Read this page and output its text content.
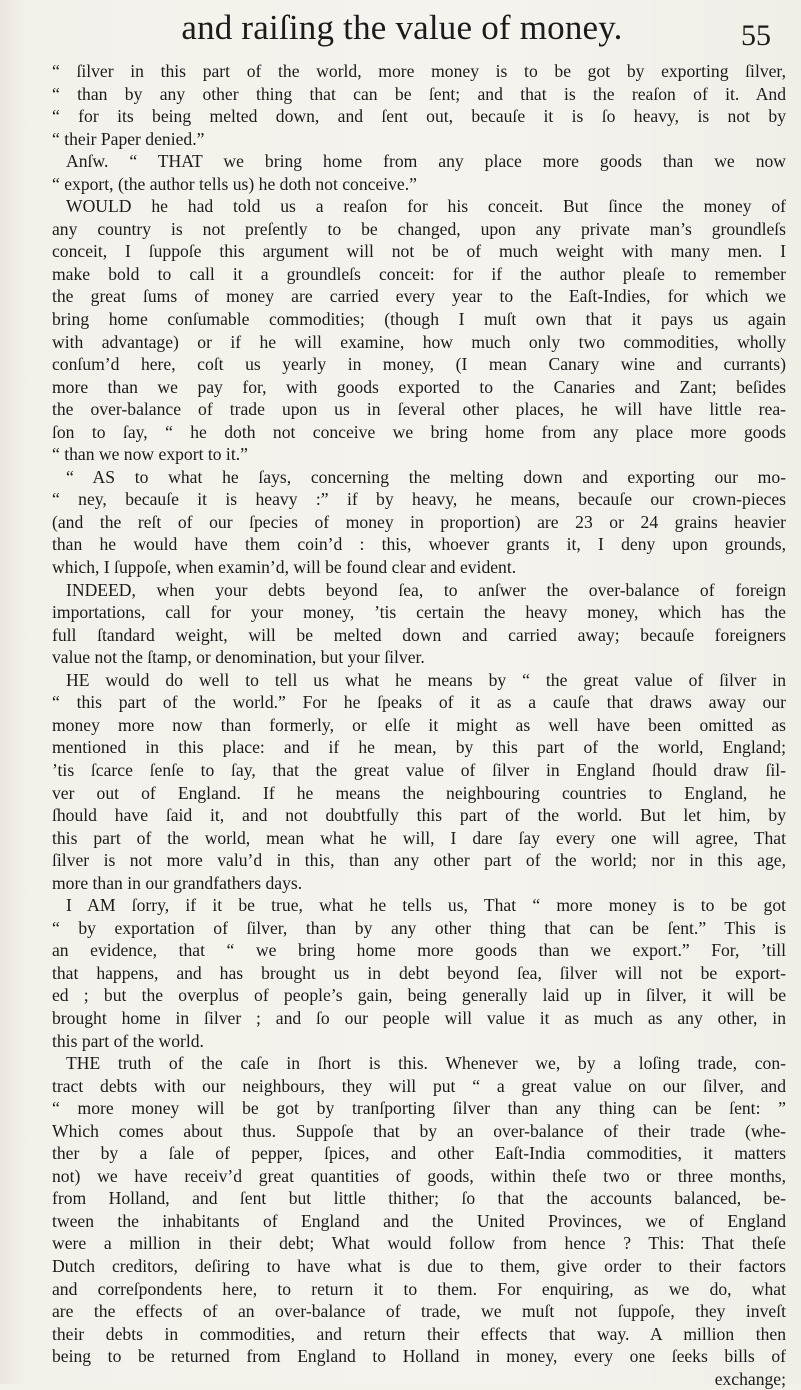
and raiſing the value of money.	55
“ ſilver in this part of the world, more money is to be got by exporting ſilver,
“ than by any other thing that can be ſent; and that is the reaſon of it. And
“ for its being melted down, and ſent out, becauſe it is ſo heavy, is not by
“ their Paper denied.”
Anſw. “ THAT we bring home from any place more goods than we now
“ export, (the author tells us) he doth not conceive.”
WOULD he had told us a reaſon for his conceit. But ſince the money of
any country is not preſently to be changed, upon any private man’s groundleſs
conceit, I ſuppoſe this argument will not be of much weight with many men. I
make bold to call it a groundleſs conceit: for if the author pleaſe to remember
the great ſums of money are carried every year to the Eaſt-Indies, for which we
bring home conſumable commodities; (though I muſt own that it pays us again
with advantage) or if he will examine, how much only two commodities, wholly
conſum’d here, coſt us yearly in money, (I mean Canary wine and currants)
more than we pay for, with goods exported to the Canaries and Zant; beſides
the over-balance of trade upon us in ſeveral other places, he will have little rea-
ſon to ſay, “ he doth not conceive we bring home from any place more goods
“ than we now export to it.”
“ AS to what he ſays, concerning the melting down and exporting our mo-
“ ney, becauſe it is heavy :” if by heavy, he means, becauſe our crown-pieces
(and the reſt of our ſpecies of money in proportion) are 23 or 24 grains heavier
than he would have them coin’d : this, whoever grants it, I deny upon grounds,
which, I ſuppoſe, when examin’d, will be found clear and evident.
INDEED, when your debts beyond ſea, to anſwer the over-balance of foreign
importations, call for your money, ’tis certain the heavy money, which has the
full ſtandard weight, will be melted down and carried away; becauſe foreigners
value not the ſtamp, or denomination, but your ſilver.
HE would do well to tell us what he means by “ the great value of ſilver in
“ this part of the world.” For he ſpeaks of it as a cauſe that draws away our
money more now than formerly, or elſe it might as well have been omitted as
mentioned in this place: and if he mean, by this part of the world, England;
’tis ſcarce ſenſe to ſay, that the great value of ſilver in England ſhould draw ſil-
ver out of England. If he means the neighbouring countries to England, he
ſhould have ſaid it, and not doubtfully this part of the world. But let him, by
this part of the world, mean what he will, I dare ſay every one will agree, That
ſilver is not more valu’d in this, than any other part of the world; nor in this age,
more than in our grandfathers days.
I AM ſorry, if it be true, what he tells us, That “ more money is to be got
“ by exportation of ſilver, than by any other thing that can be ſent.” This is
an evidence, that “ we bring home more goods than we export.” For, ’till
that happens, and has brought us in debt beyond ſea, ſilver will not be export-
ed ; but the overplus of people’s gain, being generally laid up in ſilver, it will be
brought home in ſilver ; and ſo our people will value it as much as any other, in
this part of the world.
THE truth of the caſe in ſhort is this. Whenever we, by a loſing trade, con-
tract debts with our neighbours, they will put “ a great value on our ſilver, and
“ more money will be got by tranſporting ſilver than any thing can be ſent: ”
Which comes about thus. Suppoſe that by an over-balance of their trade (whe-
ther by a ſale of pepper, ſpices, and other Eaſt-India commodities, it matters
not) we have receiv’d great quantities of goods, within theſe two or three months,
from Holland, and ſent but little thither; ſo that the accounts balanced, be-
tween the inhabitants of England and the United Provinces, we of England
were a million in their debt; What would follow from hence ? This: That theſe
Dutch creditors, deſiring to have what is due to them, give order to their factors
and correſpondents here, to return it to them. For enquiring, as we do, what
are the effects of an over-balance of trade, we muſt not ſuppoſe, they inveſt
their debts in commodities, and return their effects that way. A million then
being to be returned from England to Holland in money, every one ſeeks bills of
exchange;
